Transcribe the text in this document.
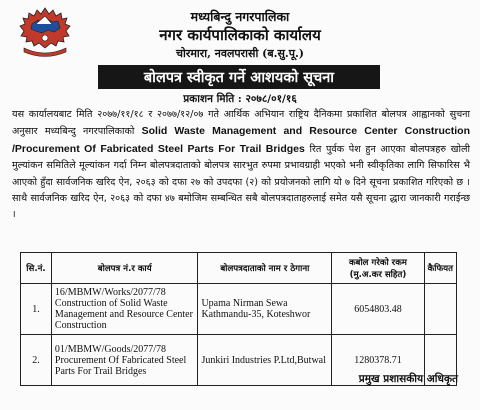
मध्यबिन्दु नगरपालिका
नगर कार्यपालिकाको कार्यालय
चोरमारा, नवलपरासी (ब.सु.पू.)
बोलपत्र स्वीकृत गर्ने आशयको सूचना
प्रकाशन मिति : २०७८/०१/१६
यस कार्यालयबाट मिति २०७७/११/१८ र २०७७/१२/०७ गते आर्थिक अभियान राष्ट्रिय दैनिकमा प्रकाशित बोलपत्र आह्वानको सुचना अनुसार मध्यबिन्दु नगरपालिकाको Solid Waste Management and Resource Center Construction /Procurement Of Fabricated Steel Parts For Trail Bridges रित पुर्वक पेश हुन आएका बोलपत्रहरु खोली मुल्यांकन समितिले मूल्यांकन गर्दा निम्न बोलपत्रदाताको बोलपत्र सारभुत रुपमा प्रभावग्राही भएको भनी स्वीकृतिका लागि सिफारिस भै आएको हुँदा सार्वजनिक खरिद ऐन, २०६३ को दफा २७ को उपदफा (२) को प्रयोजनको लागि यो ७ दिने सूचना प्रकाशित गरिएको छ । साथै सार्वजनिक खरिद ऐन, २०६३ को दफा ४७ बमोजिम सम्बन्धित सबै बोलपत्रदाताहरुलाई समेत यसै सूचना द्धारा जानकारी गराईन्छ ।
सि.नं.	बोलपत्र नं.र कार्य	बोलपत्रदाताको नाम र ठेगाना	कबोल गरेको रकम (मु.अ.कर सहित)	कैफियत
1.	16/MBMW/Works/2077/78 Construction of Solid Waste Management and Resource Center Construction	Upama Nirman Sewa Kathmandu-35, Koteshwor	6054803.48	
2.	01/MBMW/Goods/2077/78 Procurement Of Fabricated Steel Parts For Trail Bridges	Junkiri Industries P.Ltd,Butwal	1280378.71	
प्रमुख प्रशासकीय अधिकृत
